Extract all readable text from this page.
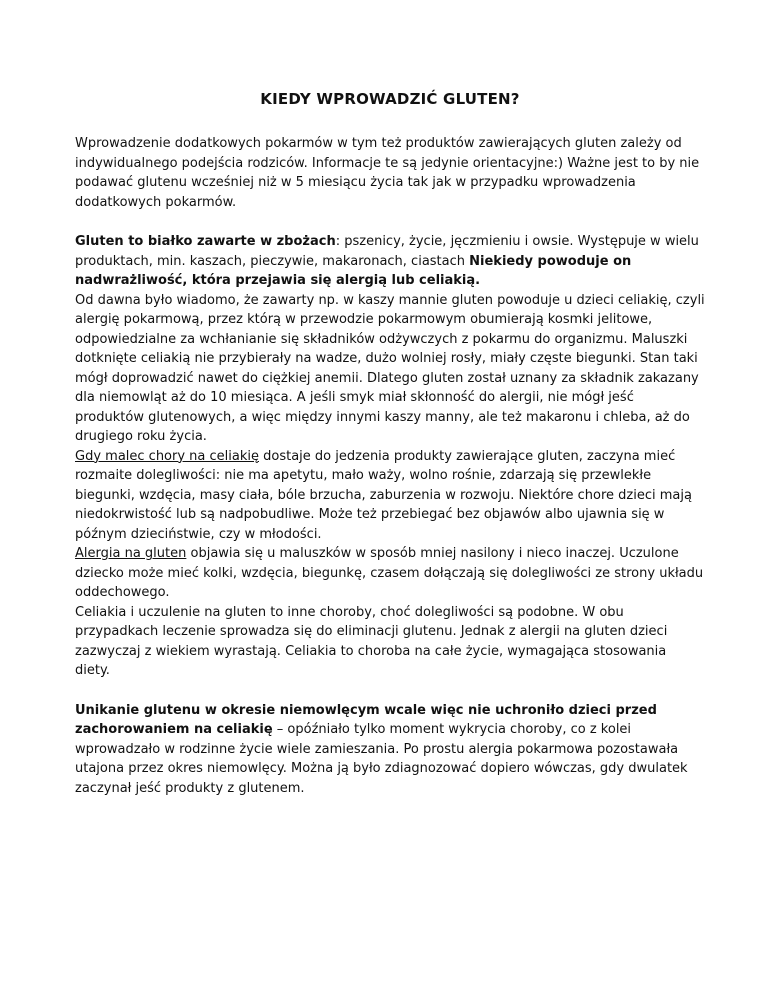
KIEDY WPROWADZIĆ GLUTEN?
Wprowadzenie dodatkowych pokarmów w tym też produktów zawierających gluten zależy od indywidualnego podejścia rodziców. Informacje te są jedynie orientacyjne:) Ważne jest to by nie podawać glutenu wcześniej niż w 5 miesiącu życia tak jak w przypadku wprowadzenia dodatkowych pokarmów.
Gluten to białko zawarte w zbożach: pszenicy, życie, jęczmieniu i owsie. Występuje w wielu produktach, min. kaszach, pieczywie, makaronach, ciastach Niekiedy powoduje on nadwrażliwość, która przejawia się alergią lub celiakią.
Od dawna było wiadomo, że zawarty np. w kaszy mannie gluten powoduje u dzieci celiakię, czyli alergię pokarmową, przez którą w przewodzie pokarmowym obumierają kosmki jelitowe, odpowiedzialne za wchłanianie się składników odżywczych z pokarmu do organizmu. Maluszki dotknięte celiakią nie przybierały na wadze, dużo wolniej rosły, miały częste biegunki. Stan taki mógł doprowadzić nawet do ciężkiej anemii. Dlatego gluten został uznany za składnik zakazany dla niemowląt aż do 10 miesiąca. A jeśli smyk miał skłonność do alergii, nie mógł jeść produktów glutenowych, a więc między innymi kaszy manny, ale też makaronu i chleba, aż do drugiego roku życia.
Gdy malec chory na celiakię dostaje do jedzenia produkty zawierające gluten, zaczyna mieć rozmaite dolegliwości: nie ma apetytu, mało waży, wolno rośnie, zdarzają się przewlekłe biegunki, wzdęcia, masy ciała, bóle brzucha, zaburzenia w rozwoju. Niektóre chore dzieci mają niedokrwistość lub są nadpobudliwe. Może też przebiegać bez objawów albo ujawnia się w późnym dzieciństwie, czy w młodości.
Alergia na gluten objawia się u maluszków w sposób mniej nasilony i nieco inaczej. Uczulone dziecko może mieć kolki, wzdęcia, biegunkę, czasem dołączają się dolegliwości ze strony układu oddechowego.
Celiakia i uczulenie na gluten to inne choroby, choć dolegliwości są podobne. W obu przypadkach leczenie sprowadza się do eliminacji glutenu. Jednak z alergii na gluten dzieci zazwyczaj z wiekiem wyrastają. Celiakia to choroba na całe życie, wymagająca stosowania diety.
Unikanie glutenu w okresie niemowlęcym wcale więc nie uchroniło dzieci przed zachorowaniem na celiakię – opóźniało tylko moment wykrycia choroby, co z kolei wprowadzało w rodzinne życie wiele zamieszania. Po prostu alergia pokarmowa pozostawała utajona przez okres niemowlęcy. Można ją było zdiagnozować dopiero wówczas, gdy dwulatek zaczynał jeść produkty z glutenem.
